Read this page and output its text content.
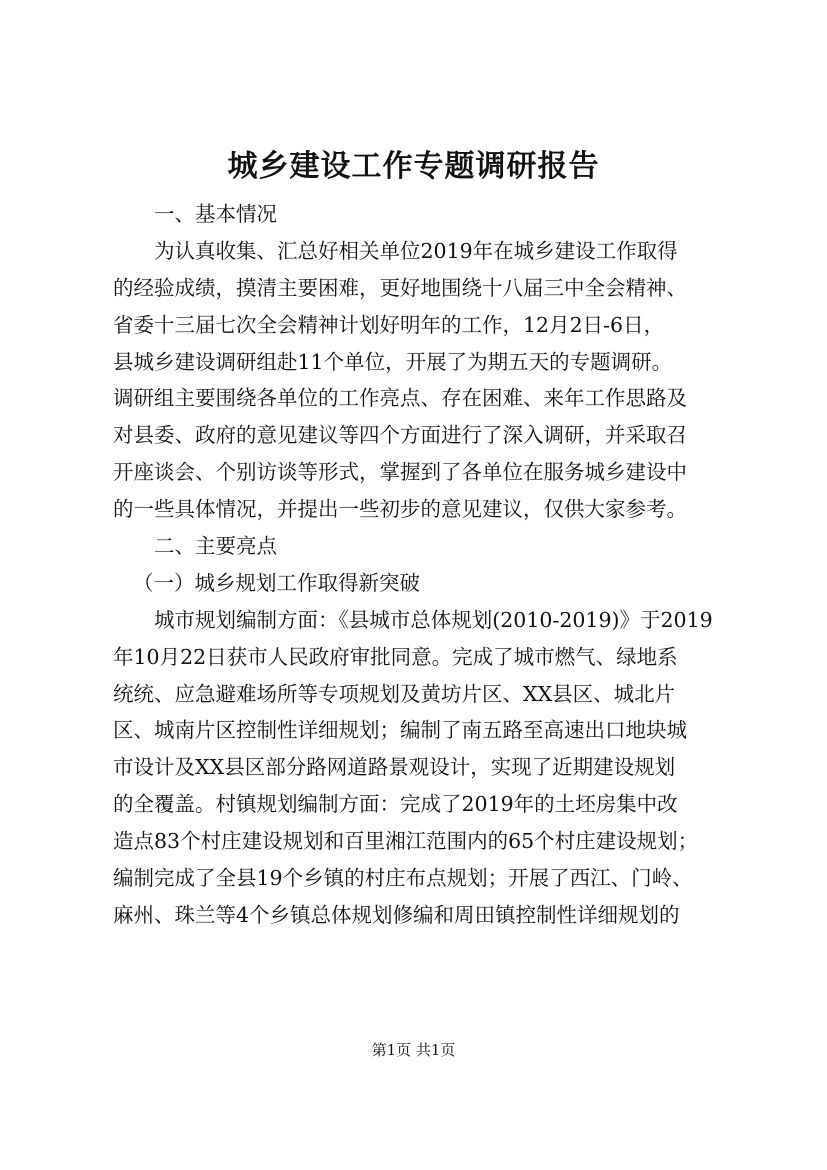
城乡建设工作专题调研报告
一、基本情况
为认真收集、汇总好相关单位2019年在城乡建设工作取得
的经验成绩，摸清主要困难，更好地围绕十八届三中全会精神、
省委十三届七次全会精神计划好明年的工作，12月2日-6日，
县城乡建设调研组赴11个单位，开展了为期五天的专题调研。
调研组主要围绕各单位的工作亮点、存在困难、来年工作思路及
对县委、政府的意见建议等四个方面进行了深入调研，并采取召
开座谈会、个别访谈等形式，掌握到了各单位在服务城乡建设中
的一些具体情况，并提出一些初步的意见建议，仅供大家参考。
二、主要亮点
（一）城乡规划工作取得新突破
城市规划编制方面：《县城市总体规划(2010-2019)》于2019
年10月22日获市人民政府审批同意。完成了城市燃气、绿地系
统统、应急避难场所等专项规划及黄坊片区、XX县区、城北片
区、城南片区控制性详细规划；编制了南五路至高速出口地块城
市设计及XX县区部分路网道路景观设计，实现了近期建设规划
的全覆盖。村镇规划编制方面：完成了2019年的土坯房集中改
造点83个村庄建设规划和百里湘江范围内的65个村庄建设规划；
编制完成了全县19个乡镇的村庄布点规划；开展了西江、门岭、
麻州、珠兰等4个乡镇总体规划修编和周田镇控制性详细规划的
第1页 共1页
